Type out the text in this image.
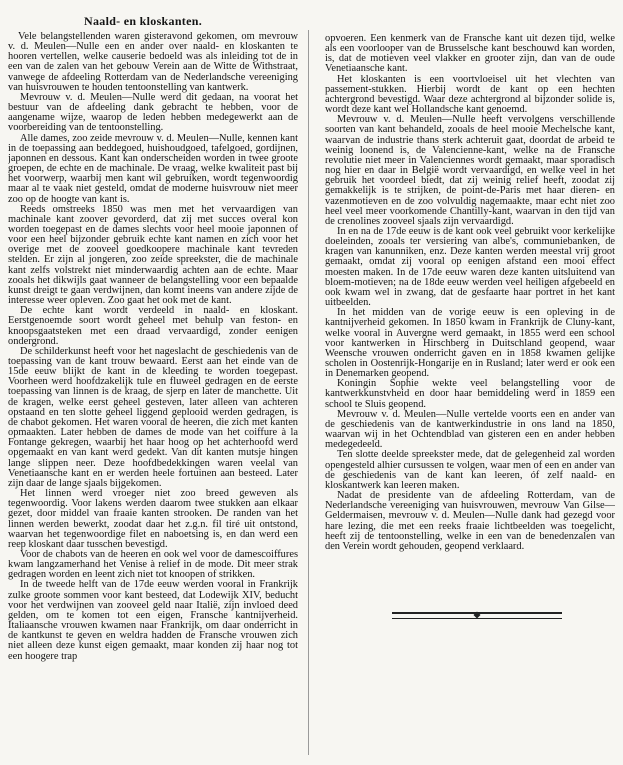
Naald- en kloskanten.

Vele belangstellenden waren gisteravond gekomen, om mevrouw v. d. Meulen—Nulle een en ander over naald- en kloskanten te hooren vertellen, welke causerie bedoeld was als inleiding tot de in een van de zalen van het gebouw Verein aan de Witte de Withstraat, vanwege de afdeeling Rotterdam van de Nederlandsche vereeniging van huisvrouwen te houden tentoonstelling van kantwerk.

Mevrouw v. d. Meulen—Nulle werd dit gedaan, na voorat het bestuur van de afdeeling dank gebracht te hebben, voor de aangename wijze, waarop de leden hebben medegewerkt aan de voorbereiding van de tentoonstelling.

Alle dames, zoo zeide mevrouw v. d. Meulen—Nulle, kennen kant in de toepassing aan beddegoed, huishoudgoed, tafelgoed, gordijnen, japonnen en dessous. Kant kan onderscheiden worden in twee groote groepen, de echte en de machinale. De vraag, welke kwaliteit past bij het voorwerp, waarbij men kant wil gebruiken, wordt tegenwoordig maar al te vaak niet gesteld, omdat de moderne huisvrouw niet meer zoo op de hoogte van kant is.

Reeds omstreeks 1850 was men met het vervaardigen van machinale kant zoover gevorderd, dat zij met succes overal kon worden toegepast en de dames slechts voor heel mooie japonnen of voor een heel bijzonder gebruik echte kant namen en zich voor het overige met de zooveel goedkoopere machinale kant tevreden stelden. Er zijn al jongeren, zoo zeide spreekster, die de machinale kant zelfs volstrekt niet minderwaardig achten aan de echte. Maar zooals het dikwijls gaat wanneer de belangstelling voor een bepaalde kunst dreigt te gaan verdwijnen, dan komt ineens van andere zijde de interesse weer opleven. Zoo gaat het ook met de kant.

De echte kant wordt verdeeld in naald- en kloskant. Eerstgenoemde soort wordt geheel met behulp van feston- en knoopsgaatsteken met een draad vervaardigd, zonder eenigen ondergrond.

De schilderkunst heeft voor het nageslacht de geschiedenis van de toepassing van de kant trouw bewaard. Eerst aan het einde van de 15de eeuw blijkt de kant in de kleeding te worden toegepast. Voorheen werd hoofdzakelijk tule en fluweel gedragen en de eerste toepassing van linnen is de kraag, de sjerp en later de manchette. Uit de kragen, welke eerst geheel gesteven, later alleen van achteren opstaand en ten slotte geheel liggend geplooid werden gedragen, is de chabot gekomen. Het waren vooral de heeren, die zich met kanten opmaakten. Later hebben de dames de mode van het coiffure à la Fontange gekregen, waarbij het haar hoog op het achterhoofd werd opgemaakt en van kant werd gedekt. Van dit kanten mutsje hingen lange slippen neer. Deze hoofdbedekkingen waren veelal van Venetiaansche kant en er werden heele fortuinen aan besteed. Later zijn daar de lange sjaals bijgekomen.

Het linnen werd vroeger niet zoo breed geweven als tegenwoordig. Voor lakens werden daarom twee stukken aan elkaar gezet, door middel van fraaie kanten strooken. De randen van het linnen werden bewerkt, zoodat daar het z.g.n. fil tiré uit ontstond, waarvan het tegenwoordige filet en naboetsing is, en dan werd een reep kloskant daar tusschen bevestigd.

Voor de chabots van de heeren en ook wel voor de damescoiffures kwam langzamerhand het Venise à relief in de mode. Dit meer strak gedragen worden en leent zich niet tot knoopen of strikken.

In de tweede helft van de 17de eeuw werden vooral in Frankrijk zulke groote sommen voor kant besteed, dat Lodewijk XIV, beducht voor het verdwijnen van zooveel geld naar Italië, zijn invloed deed gelden, om te komen tot een eigen, Fransche kantnijverheid. Italiaansche vrouwen kwamen naar Frankrijk, om daar onderricht in de kantkunst te geven en weldra hadden de Fransche vrouwen zich niet alleen deze kunst eigen gemaakt, maar konden zij haar nog tot een hoogere trap

opvoeren. Een kenmerk van de Fransche kant uit dezen tijd, welke als een voorlooper van de Brusselsche kant beschouwd kan worden, is, dat de motieven veel vlakker en grooter zijn, dan van de oude Venetiaansche kant.

Het kloskanten is een voortvloeisel uit het vlechten van passement-stukken. Hierbij wordt de kant op een hechten achtergrond bevestigd. Waar deze achtergrond al bijzonder solide is, wordt deze kant wel Hollandsche kant genoemd.

Mevrouw v. d. Meulen—Nulle heeft vervolgens verschillende soorten van kant behandeld, zooals de heel mooie Mechelsche kant, waarvan de industrie thans sterk achteruit gaat, doordat de arbeid te weinig loonend is, de Valencienne-kant, welke na de Fransche revolutie niet meer in Valenciennes wordt gemaakt, maar sporadisch nog hier en daar in België wordt vervaardigd, en welke veel in het gebruik het voordeel biedt, dat zij weinig relief heeft, zoodat zij gemakkelijk is te strijken, de point-de-Paris met haar dieren- en vazenmotieven en de zoo volvuldig nagemaakte, maar echt niet zoo heel veel meer voorkomende Chantilly-kant, waarvan in den tijd van de crenolines zooveel sjaals zijn vervaardigd.

In en na de 17de eeuw is de kant ook veel gebruikt voor kerkelijke doeleinden, zooals ter versiering van albe's, communiebanken, de kragen van kanunniken, enz. Deze kanten werden meestal vrij groot gemaakt, omdat zij vooral op eenigen afstand een mooi effect moesten maken. In de 17de eeuw waren deze kanten uitsluitend van bloem-motieven; na de 18de eeuw werden veel heiligen afgebeeld en ook kwam wel in zwang, dat de gesfaarte haar portret in het kant uitbeelden.

In het midden van de vorige eeuw is een opleving in de kantnijverheid gekomen. In 1850 kwam in Frankrijk de Cluny-kant, welke vooral in Auvergne werd gemaakt, in 1855 werd een school voor kantwerken in Hirschberg in Duitschland geopend, waar Weensche vrouwen onderricht gaven en in 1858 kwamen gelijke scholen in Oostenrijk-Hongarije en in Rusland; later werd er ook een in Denemarken geopend.

Koningin Sophie wekte veel belangstelling voor de kantwerkkunstvheid en door haar bemiddeling werd in 1859 een school te Sluis geopend.

Mevrouw v. d. Meulen—Nulle vertelde voorts een en ander van de geschiedenis van de kantwerkindustrie in ons land na 1850, waarvan wij in het Ochtendblad van gisteren een en ander hebben medegedeeld.

Ten slotte deelde spreekster mede, dat de gelegenheid zal worden opengesteld alhier cursussen te volgen, waar men of een en ander van de geschiedenis van de kant kan leeren, óf zelf naald- en kloskantwerk kan leeren maken.

Nadat de presidente van de afdeeling Rotterdam, van de Nederlandsche vereeniging van huisvrouwen, mevrouw Van Gilse—Geldermaisen, mevrouw v. d. Meulen—Nulle dank had gezegd voor hare lezing, die met een reeks fraaie lichtbeelden was toegelicht, heeft zij de tentoonstelling, welke in een van de benedenzalen van den Verein wordt gehouden, geopend verklaard.
